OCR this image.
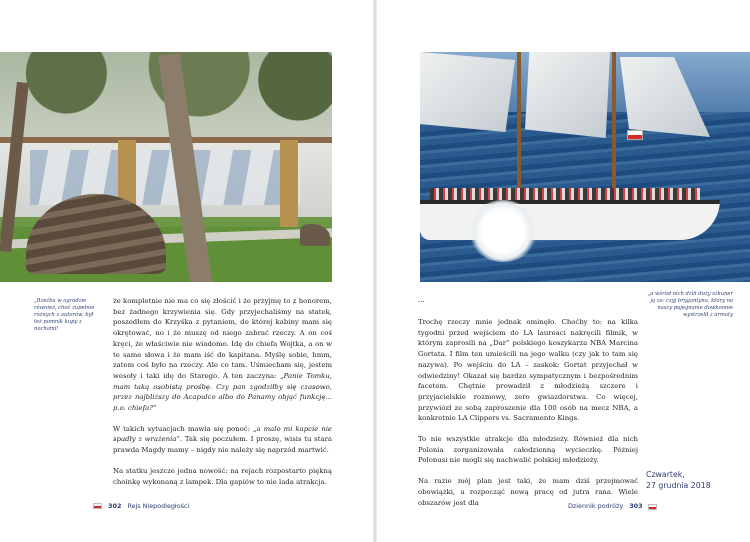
„Rzeźba w ogrodzie również, choć zupełnie różnych z autorów, był też pomnik kupy z nochami!

że kompletnie nie ma co się złościć i że przyjmę to z honorem, bez żadnego krzywienia się. Gdy przyjechaliśmy na statek, poszedłem do Krzyśka z pytaniem, do której kabiny mam się okrętować, no i że muszę od niego zabrać rzeczy. A on coś kręci, że właściwie nie wiadomo. Idę do chiefa Wojtka, a on w te same słowa i że mam iść do kapitana. Myślę sobie, hmm, zatem coś było na rzeczy. Ale co tam. Uśmiecham się, jestem wesoły i taki idę do Starego. A ten zaczyna: „Panie Tomku, mam taką osobistą prośbę. Czy pan zgodziłby się czasowo, przez najbliższy do Acapulco albo do Panamy objąć funkcję... p.o. chiefa?”

W takich sytuacjach mawia się ponoć: „a malo mi kapcie nie spadły z wrażenia”. Tak się poczułem. I proszę, wisis tu stara prawda Magdy mamy – nigdy nie należy się naprzód martwić.

Na statku jeszcze jedna nowość: na rejach rozpostarto piękną choinkę wykonaną z lampek. Dla gapiów to nie lada atrakcja.

302 Rejs Niepodległości
„a wśród nich dzili duży szkuner ją za- czyj brygantyna, który na naszy pojegnanie dowkonnie wystrzelił z armaty
...

Trochę rzeczy mnie jednak ominęło. Choćby to: na kilka tygodni przed wejściem do LA laureaci nakręcili filmik, w którym zaprosili na „Dar” polskiego koszykarza NBA Marcina Gortata. I film ten umieścili na jego walku (czy jak to tam się nazywa). Po wejściu do LA – zaskok: Gortat przyjechał w odwiedziny! Okazał się bardzo sympatycznym i bezpośrednim facetem. Chętnie prowadził z młodzieżą szczere i przyjacielskie rozmowy, zero gwiazdorstwa. Co więcej, przywiózł ze sobą zaproszenie dla 100 osób na mecz NBA, a konkretnie LA Clippers vs. Sacramento Kings.

To nie wszystkie atrakcje dla młodzieży. Również dla nich Polonia zorganizowała całodzienną wycieczkę. Później Polonusi nie mogli się nachwalić polskiej młodzieży.

Na razie mój plan jest taki, że mam dziś przejmować obowiązki, a rozpocząć nową pracę od jutra rana. Wiele obszarów jest dla

Czwartek,
27 grudnia 2018
Dziennik podróży 303
